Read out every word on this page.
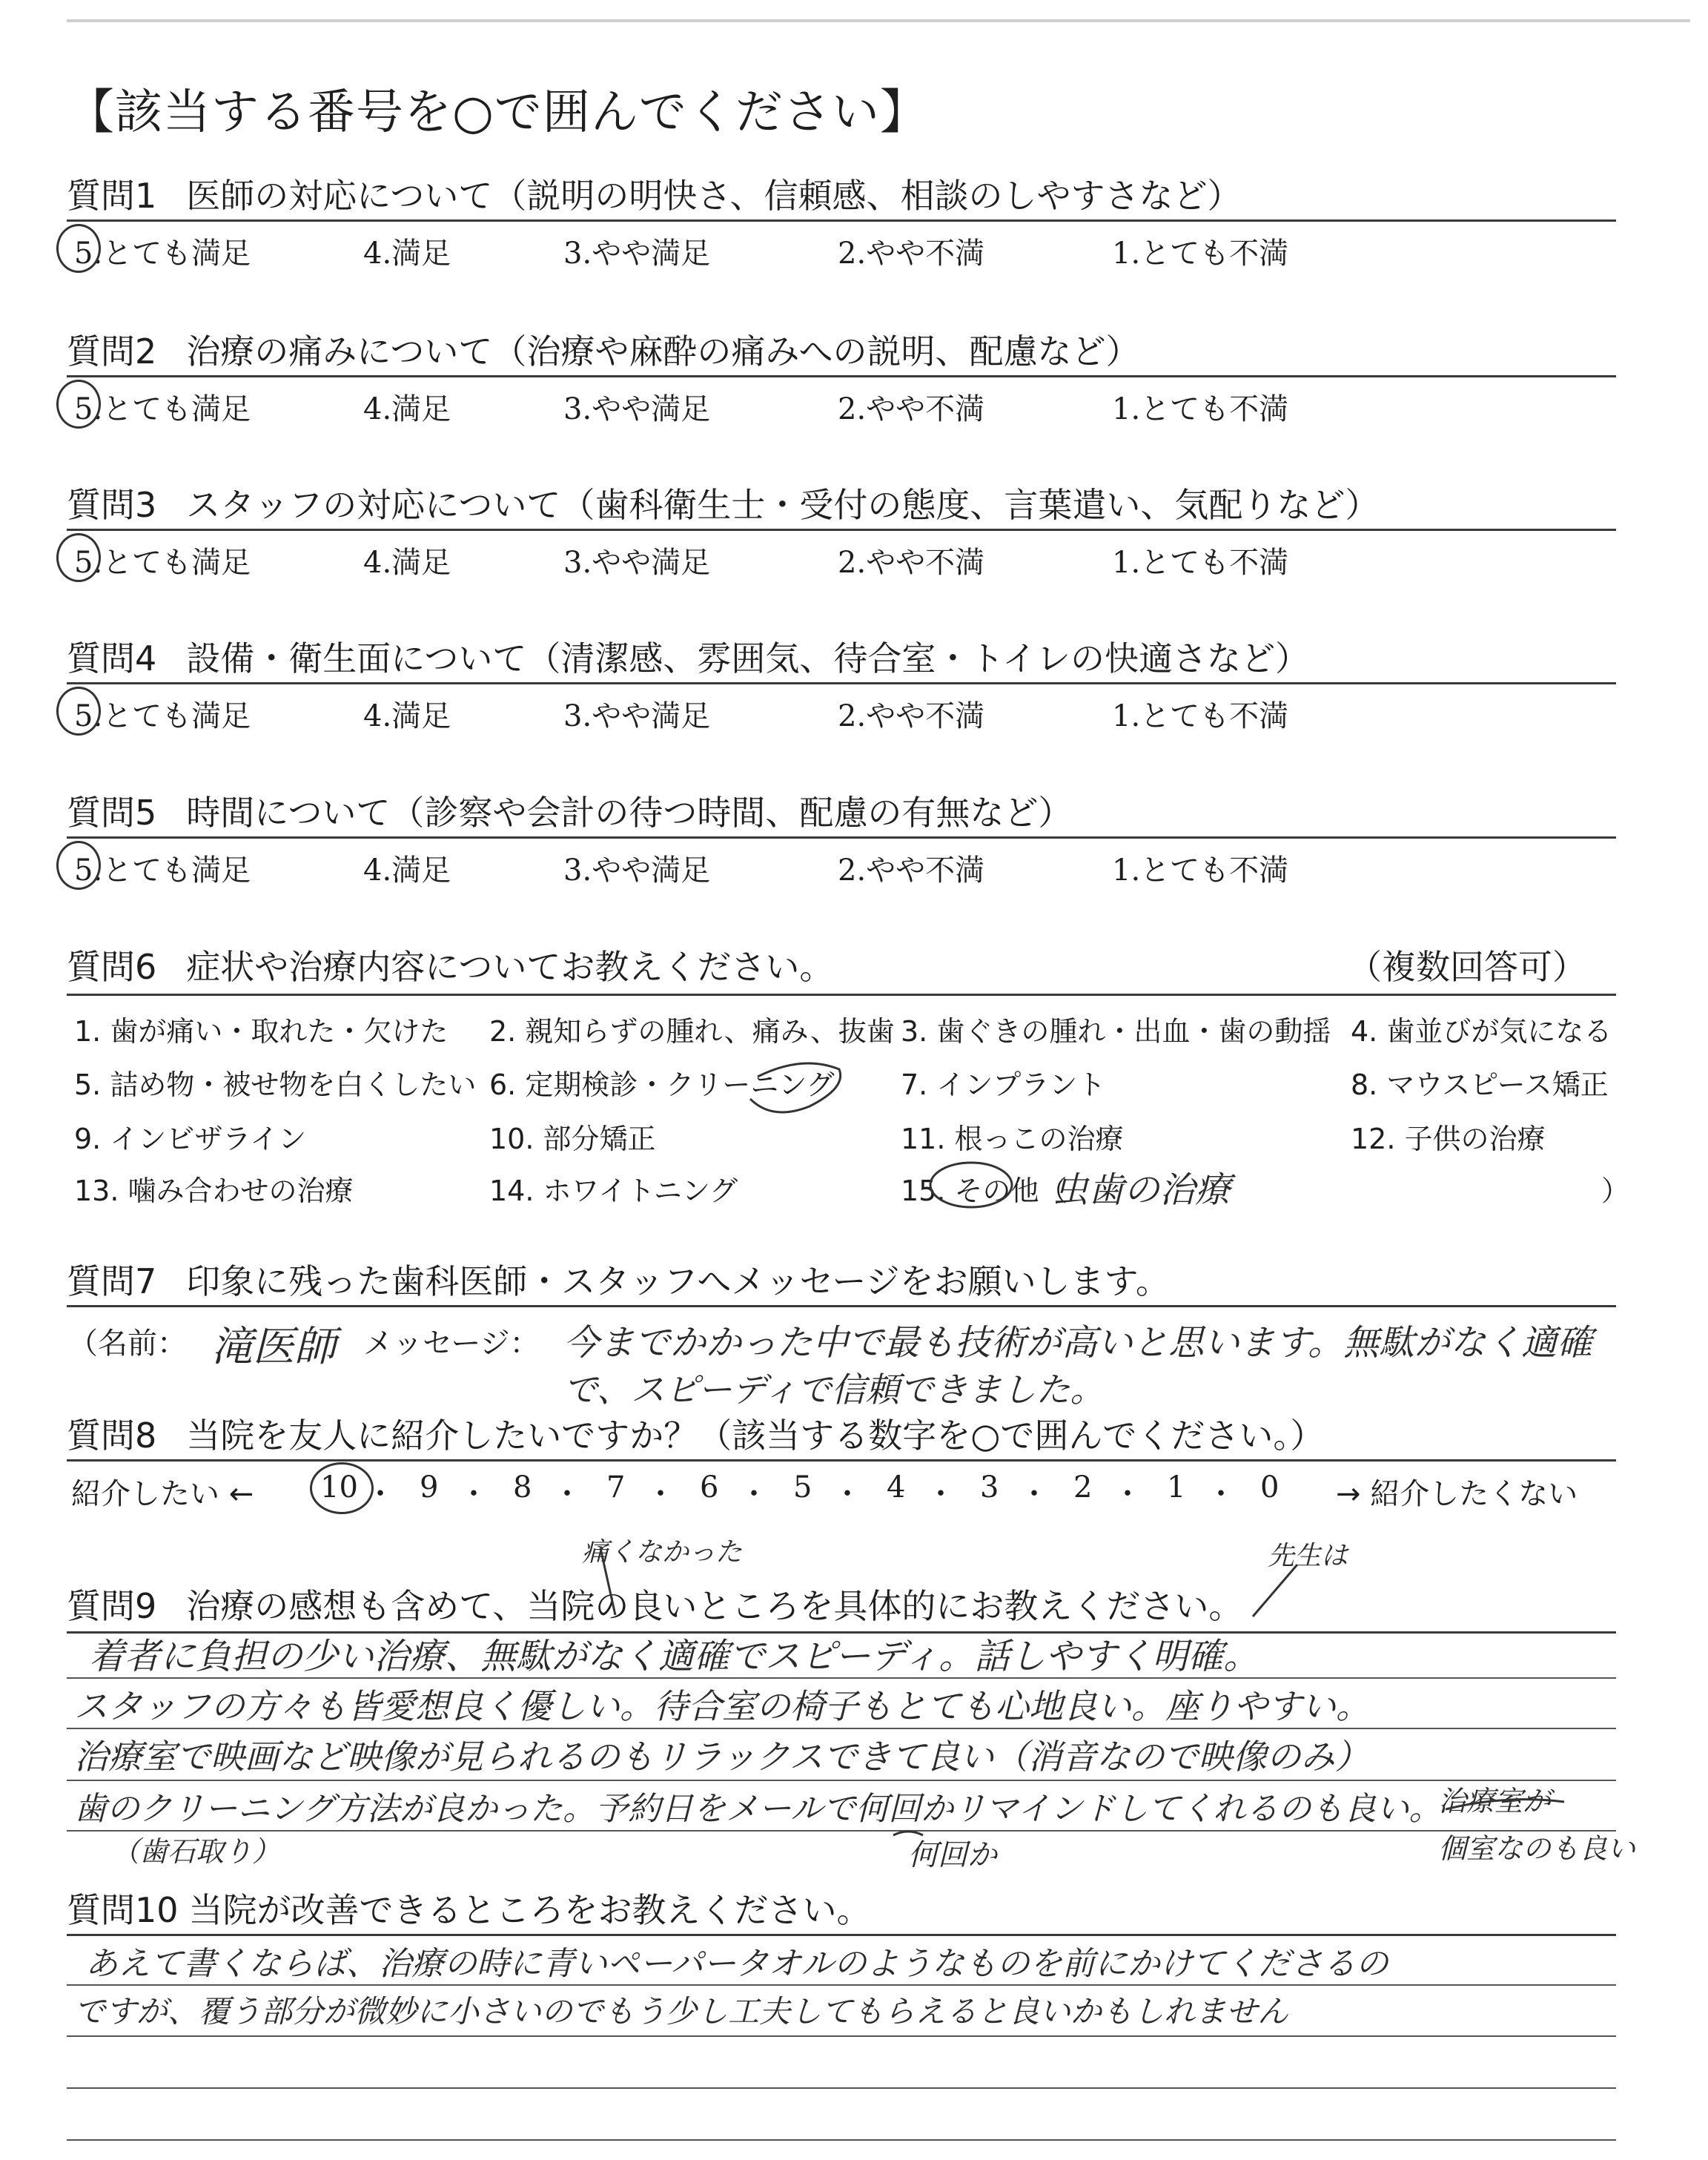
【該当する番号を○で囲んでください】
質問1 医師の対応について（説明の明快さ、信頼感、相談のしやすさなど）
5.とても満足	4.満足	3.やや満足	2.やや不満	1.とても不満
質問2 治療の痛みについて（治療や麻酔の痛みへの説明、配慮など）
5.とても満足	4.満足	3.やや満足	2.やや不満	1.とても不満
質問3 スタッフの対応について（歯科衛生士・受付の態度、言葉遣い、気配りなど）
5.とても満足	4.満足	3.やや満足	2.やや不満	1.とても不満
質問4 設備・衛生面について（清潔感、雰囲気、待合室・トイレの快適さなど）
5.とても満足	4.満足	3.やや満足	2.やや不満	1.とても不満
質問5 時間について（診察や会計の待つ時間、配慮の有無など）
5.とても満足	4.満足	3.やや満足	2.やや不満	1.とても不満
質問6 症状や治療内容についてお教えください。	（複数回答可）
1. 歯が痛い・取れた・欠けた 2. 親知らずの腫れ、痛み、抜歯 3. 歯ぐきの腫れ・出血・歯の動揺 4. 歯並びが気になる
5. 詰め物・被せ物を白くしたい 6. 定期検診・クリーニング 7. インプラント	8. マウスピース矯正
9. インビザライン	10. 部分矯正	11. 根っこの治療	12. 子供の治療
13. 噛み合わせの治療	14. ホワイトニング	15. その他（
虫歯の治療	）
質問7 印象に残った歯科医師・スタッフへメッセージをお願いします。
（名前： 滝医師 メッセージ： 今までかかった中で最も技術が高いと思います。無駄がなく適確
で、スピーディで信頼できました。
質問8 当院を友人に紹介したいですか？（該当する数字を○で囲んでください。）
紹介したい ← 10 ・ 9 ・ 8 ・ 7 ・ 6 ・ 5 ・ 4 ・ 3 ・ 2 ・ 1 ・ 0 → 紹介したくない
痛くなかった	先生は
質問9 治療の感想も含めて、当院の良いところを具体的にお教えください。
着者に負担の少い治療、無駄がなく適確でスピーディ。話しやすく明確。
スタッフの方々も皆愛想良く優しい。待合室の椅子もとても心地良い。座りやすい。
治療室で映画など映像が見られるのもリラックスできて良い（消音なので映像のみ）
歯のクリーニング方法が良かった。予約日をメールで何回かリマインドしてくれるのも良い。
（歯石取り）	何回か
治療室が
個室なのも良い
質問10 当院が改善できるところをお教えください。
あえて書くならば、治療の時に青いペーパータオルのようなものを前にかけてくださるの
ですが、覆う部分が微妙に小さいのでもう少し工夫してもらえると良いかもしれません
